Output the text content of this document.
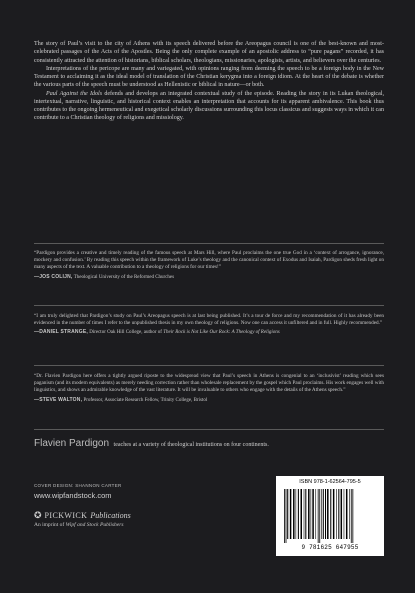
The story of Paul’s visit to the city of Athens with its speech delivered before the Areopagus council is one of the best-known and most-celebrated passages of the Acts of the Apostles. Being the only complete example of an apostolic address to “pure pagans” recorded, it has consistently attracted the attention of historians, biblical scholars, theologians, missionaries, apologists, artists, and believers over the centuries.

Interpretations of the pericope are many and variegated, with opinions ranging from deeming the speech to be a foreign body in the New Testament to acclaiming it as the ideal model of translation of the Christian kerygma into a foreign idiom. At the heart of the debate is whether the various parts of the speech must be understood as Hellenistic or biblical in nature—or both.

Paul Against the Idols defends and develops an integrated contextual study of the episode. Reading the story in its Lukan theological, intertextual, narrative, linguistic, and historical context enables an interpretation that accounts for its apparent ambivalence. This book thus contributes to the ongoing hermeneutical and exegetical scholarly discussions surrounding this locus classicus and suggests ways in which it can contribute to a Christian theology of religions and missiology.

“Pardigon provides a creative and timely reading of the famous speech at Mars Hill, where Paul proclaims the one true God in a ‘context of arrogance, ignorance, mockery and confusion.’ By reading this speech within the framework of Luke’s theology and the canonical context of Exodus and Isaiah, Pardigon sheds fresh light on many aspects of the text. A valuable contribution to a theology of religions for our times!”

—JOS COLIJN, Theological University of the Reformed Churches

“I am truly delighted that Pardigon’s study on Paul’s Areopagus speech is at last being published. It’s a tour de force and my recommendation of it has already been evidenced in the number of times I refer to the unpublished thesis in my own theology of religions. Now one can access it unfiltered and in full. Highly recommended.”

—DANIEL STRANGE, Director Oak Hill College, author of Their Rock is Not Like Our Rock: A Theology of Religions

“Dr. Flavien Pardigon here offers a tightly argued riposte to the widespread view that Paul’s speech in Athens is congenial to an ‘inclusivist’ reading which sees paganism (and its modern equivalents) as merely needing correction rather than wholesale replacement by the gospel which Paul proclaims. His work engages well with linguistics, and shows an admirable knowledge of the vast literature. It will be invaluable to others who engage with the details of the Athens speech.”

—STEVE WALTON, Professor, Associate Research Fellow, Trinity College, Bristol

Flavien Pardigon teaches at a variety of theological institutions on four continents.
COVER DESIGN: SHANNON CARTER
www.wipfandstock.com
✪ PICKWICK Publications
An imprint of Wipf and Stock Publishers
ISBN 978-1-62564-795-5
9 781625 647955
